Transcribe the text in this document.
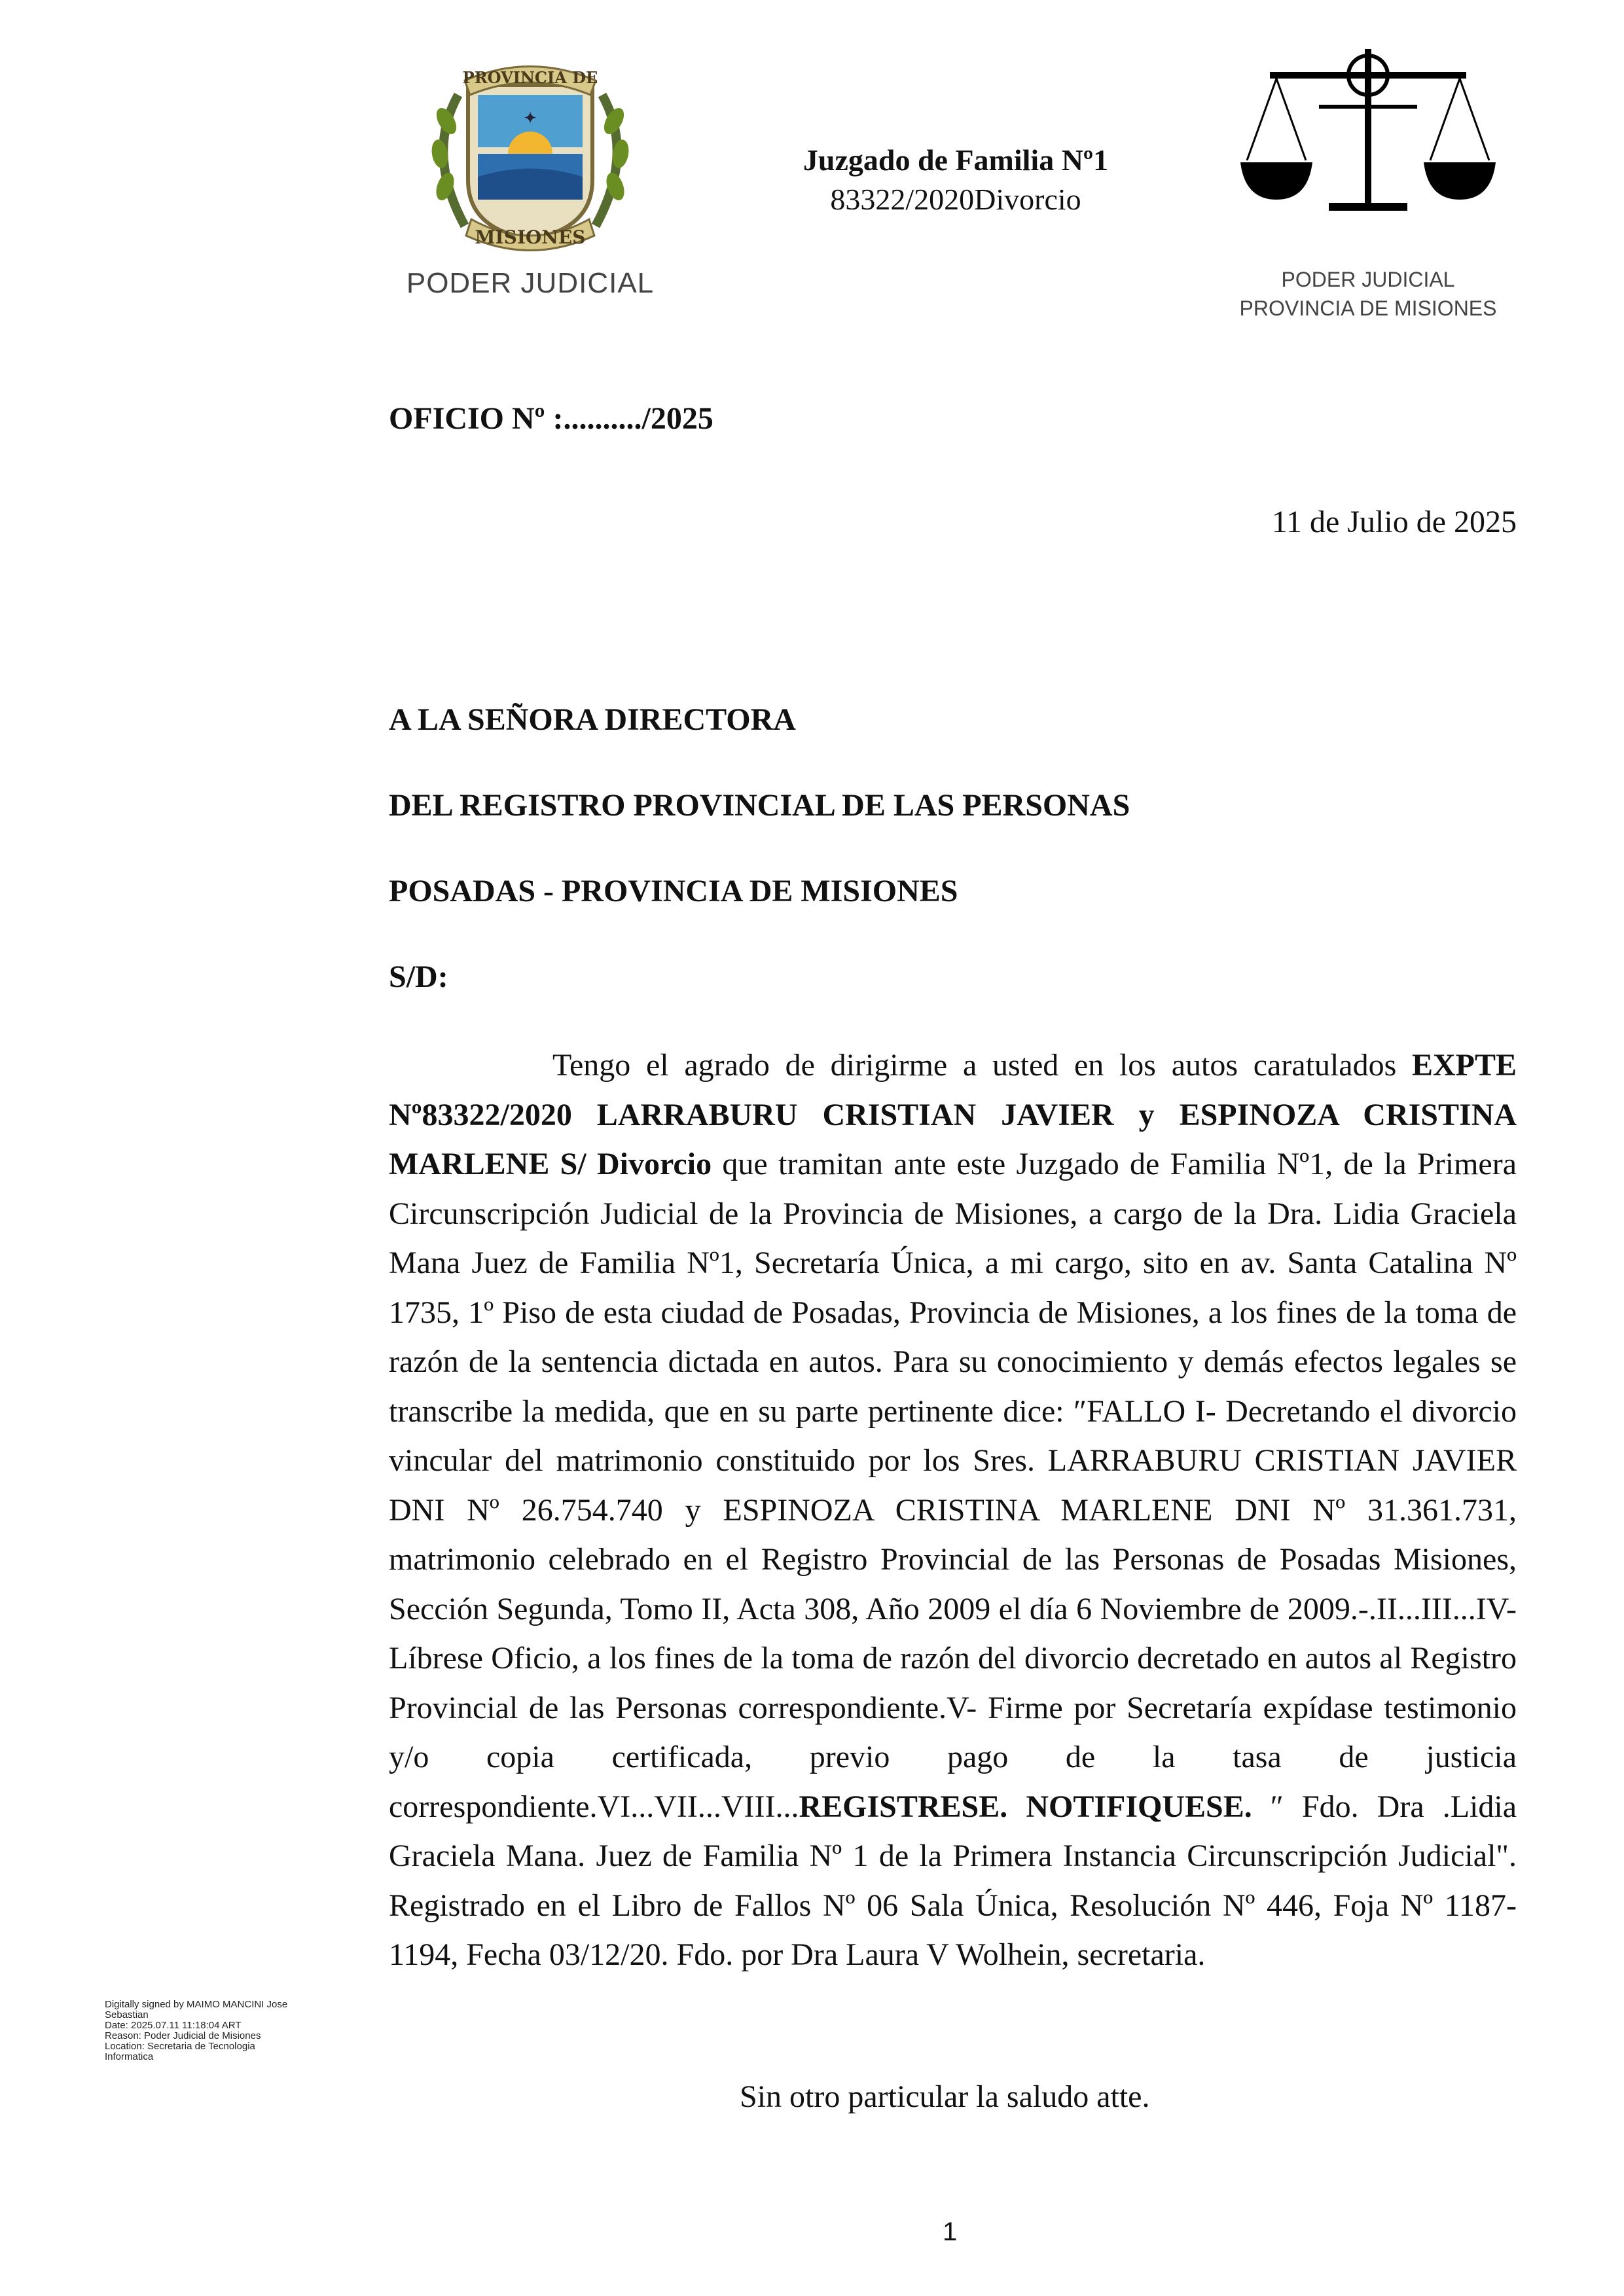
✦
PROVINCIA DE
MISIONES
PODER JUDICIAL	PODER JUDICIAL
PROVINCIA DE MISIONES
Juzgado de Familia Nº1
83322/2020Divorcio
OFICIO Nº :........../2025
11 de Julio de 2025
A LA SEÑORA DIRECTORA
DEL REGISTRO PROVINCIAL DE LAS PERSONAS
POSADAS - PROVINCIA DE MISIONES
S/D:
Tengo el agrado de dirigirme a usted en los autos caratulados EXPTE Nº83322/2020 LARRABURU CRISTIAN JAVIER y ESPINOZA CRISTINA MARLENE S/ Divorcio que tramitan ante este Juzgado de Familia Nº1, de la Primera Circunscripción Judicial de la Provincia de Misiones, a cargo de la Dra. Lidia Graciela Mana Juez de Familia Nº1, Secretaría Única, a mi cargo, sito en av. Santa Catalina Nº 1735, 1º Piso de esta ciudad de Posadas, Provincia de Misiones, a los fines de la toma de razón de la sentencia dictada en autos. Para su conocimiento y demás efectos legales se transcribe la medida, que en su parte pertinente dice: ″FALLO I- Decretando el divorcio vincular del matrimonio constituido por los Sres. LARRABURU CRISTIAN JAVIER DNI Nº 26.754.740 y ESPINOZA CRISTINA MARLENE DNI Nº 31.361.731, matrimonio celebrado en el Registro Provincial de las Personas de Posadas Misiones, Sección Segunda, Tomo II, Acta 308, Año 2009 el día 6 Noviembre de 2009.-.II...III...IV- Líbrese Oficio, a los fines de la toma de razón del divorcio decretado en autos al Registro Provincial de las Personas correspondiente.V- Firme por Secretaría expídase testimonio y/o copia certificada, previo pago de la tasa de justicia correspondiente.VI...VII...VIII...REGISTRESE. NOTIFIQUESE. ″ Fdo. Dra .Lidia Graciela Mana. Juez de Familia Nº 1 de la Primera Instancia Circunscripción Judicial". Registrado en el Libro de Fallos Nº 06 Sala Única, Resolución Nº 446, Foja Nº 1187-1194, Fecha 03/12/20. Fdo. por Dra Laura V Wolhein, secretaria.
Digitally signed by MAIMO MANCINI Jose
Sebastian
Date: 2025.07.11 11:18:04 ART
Reason: Poder Judicial de Misiones
Location: Secretaria de Tecnologia
Informatica
Sin otro particular la saludo atte.
1
